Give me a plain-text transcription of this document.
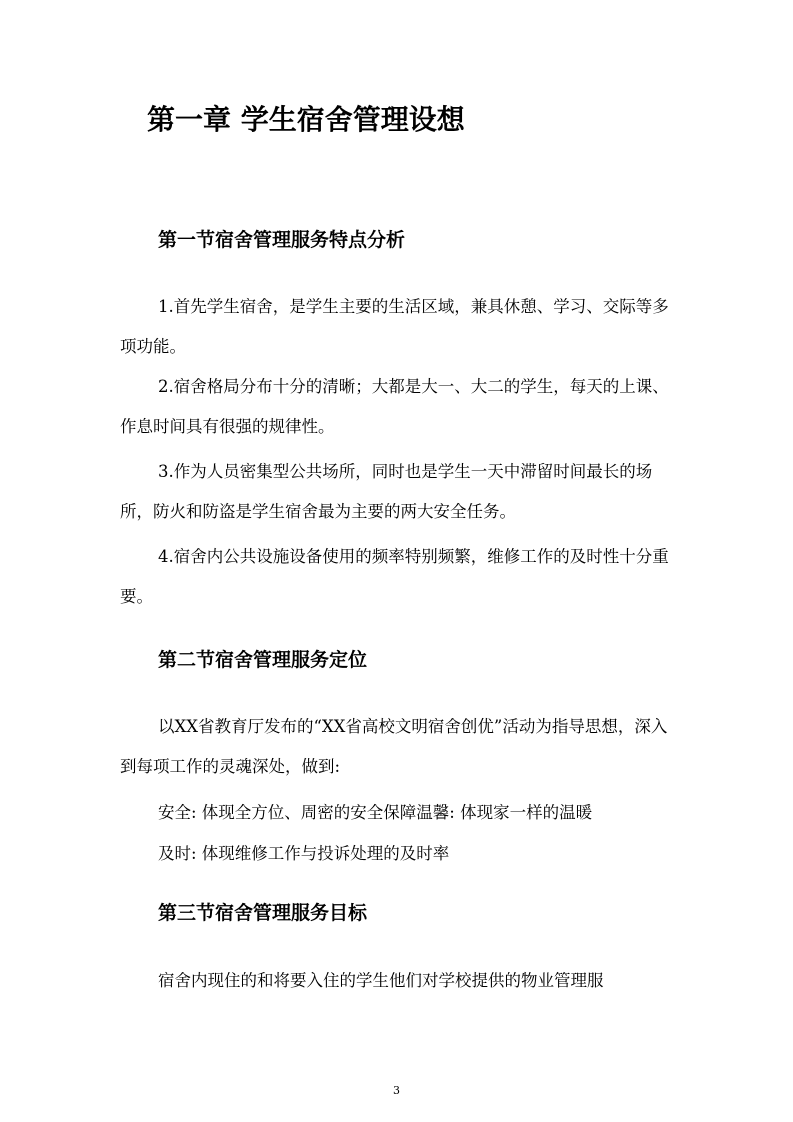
第一章 学生宿舍管理设想
第一节宿舍管理服务特点分析

1.首先学生宿舍，是学生主要的生活区域，兼具休憩、学习、交际等多项功能。

2.宿舍格局分布十分的清晰；大都是大一、大二的学生，每天的上课、作息时间具有很强的规律性。

3.作为人员密集型公共场所，同时也是学生一天中滞留时间最长的场所，防火和防盗是学生宿舍最为主要的两大安全任务。

4.宿舍内公共设施设备使用的频率特别频繁，维修工作的及时性十分重要。

第二节宿舍管理服务定位

以XX省教育厅发布的“XX省高校文明宿舍创优”活动为指导思想，深入到每项工作的灵魂深处，做到:

安全: 体现全方位、周密的安全保障温馨: 体现家一样的温暖
及时: 体现维修工作与投诉处理的及时率
第三节宿舍管理服务目标

宿舍内现住的和将要入住的学生他们对学校提供的物业管理服

3
